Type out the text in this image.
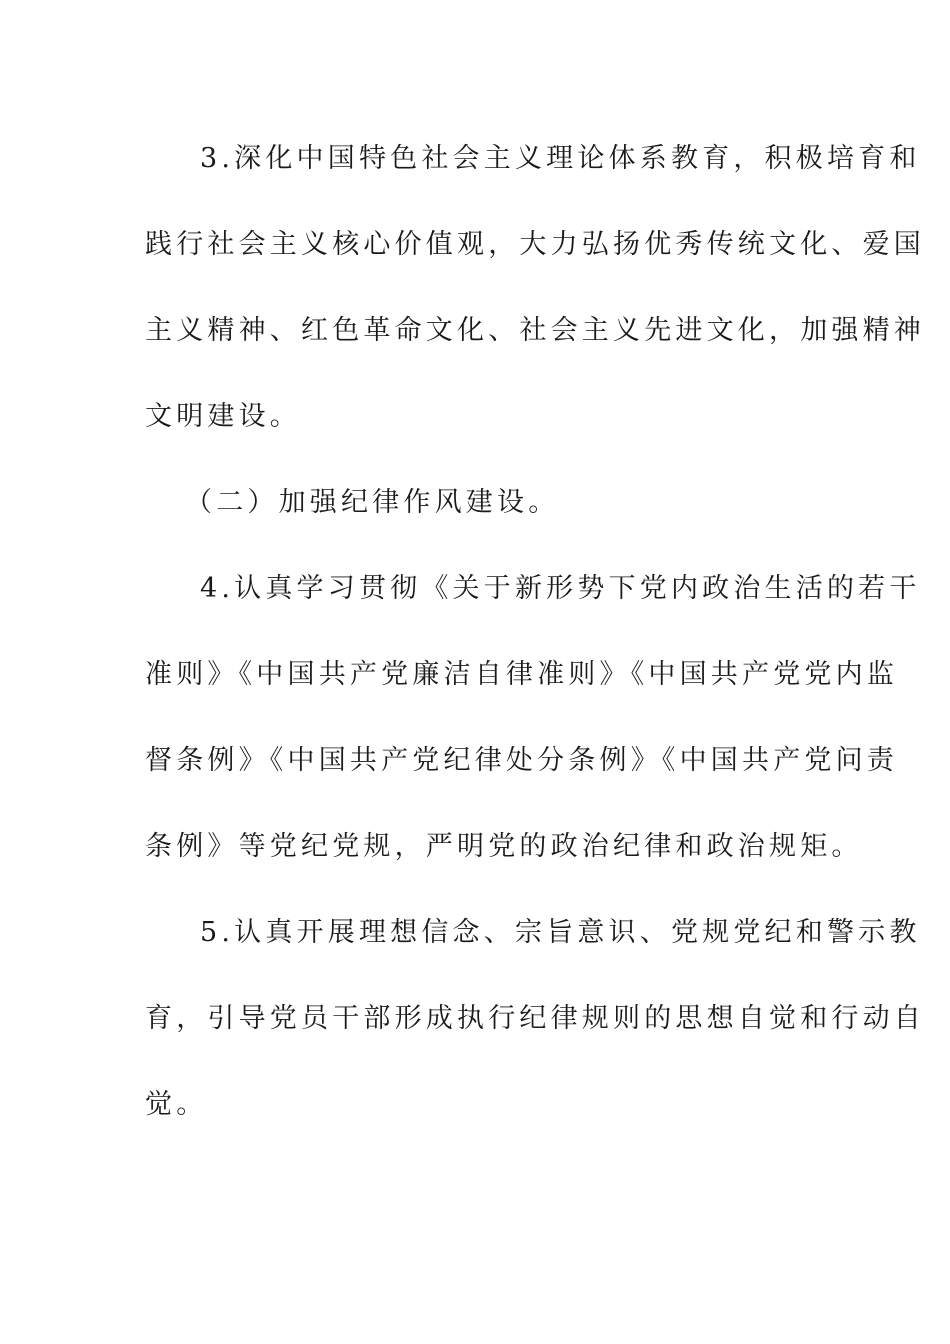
3.深化中国特色社会主义理论体系教育，积极培育和
践行社会主义核心价值观，大力弘扬优秀传统文化、爱国
主义精神、红色革命文化、社会主义先进文化，加强精神
文明建设。
（二）加强纪律作风建设。
4.认真学习贯彻《关于新形势下党内政治生活的若干
准则》《中国共产党廉洁自律准则》《中国共产党党内监
督条例》《中国共产党纪律处分条例》《中国共产党问责
条例》等党纪党规，严明党的政治纪律和政治规矩。
5.认真开展理想信念、宗旨意识、党规党纪和警示教
育，引导党员干部形成执行纪律规则的思想自觉和行动自
觉。
